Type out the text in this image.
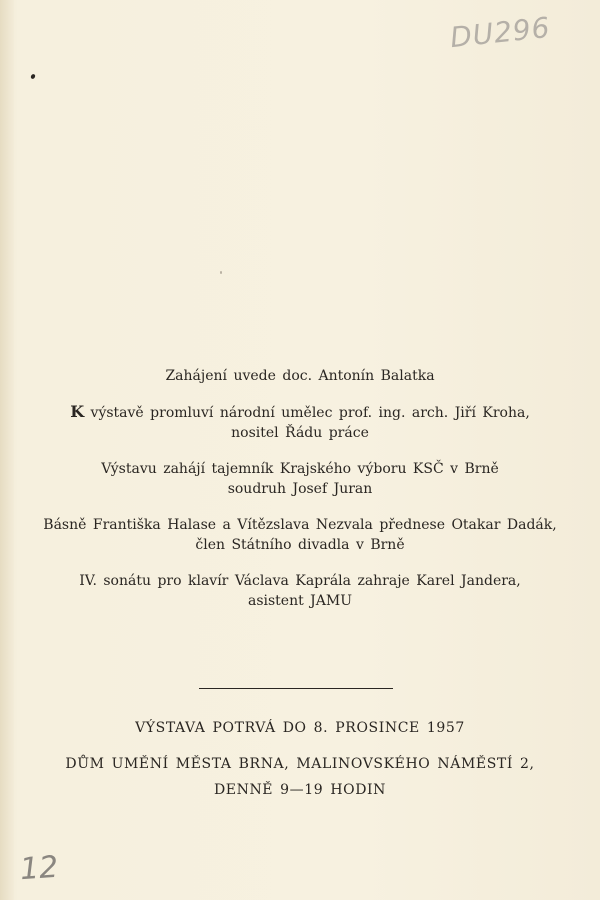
DU296

Zahájení uvede doc. Antonín Balatka

K výstavě promluví národní umělec prof. ing. arch. Jiří Kroha,
nositel Řádu práce

Výstavu zahájí tajemník Krajského výboru KSČ v Brně
soudruh Josef Juran

Básně Františka Halase a Vítězslava Nezvala přednese Otakar Dadák,
člen Státního divadla v Brně

IV. sonátu pro klavír Václava Kaprála zahraje Karel Jandera,
asistent JAMU

VÝSTAVA POTRVÁ DO 8. PROSINCE 1957
DŮM UMĚNÍ MĚSTA BRNA, MALINOVSKÉHO NÁMĚSTÍ 2,
DENNĚ 9—19 HODIN
12
